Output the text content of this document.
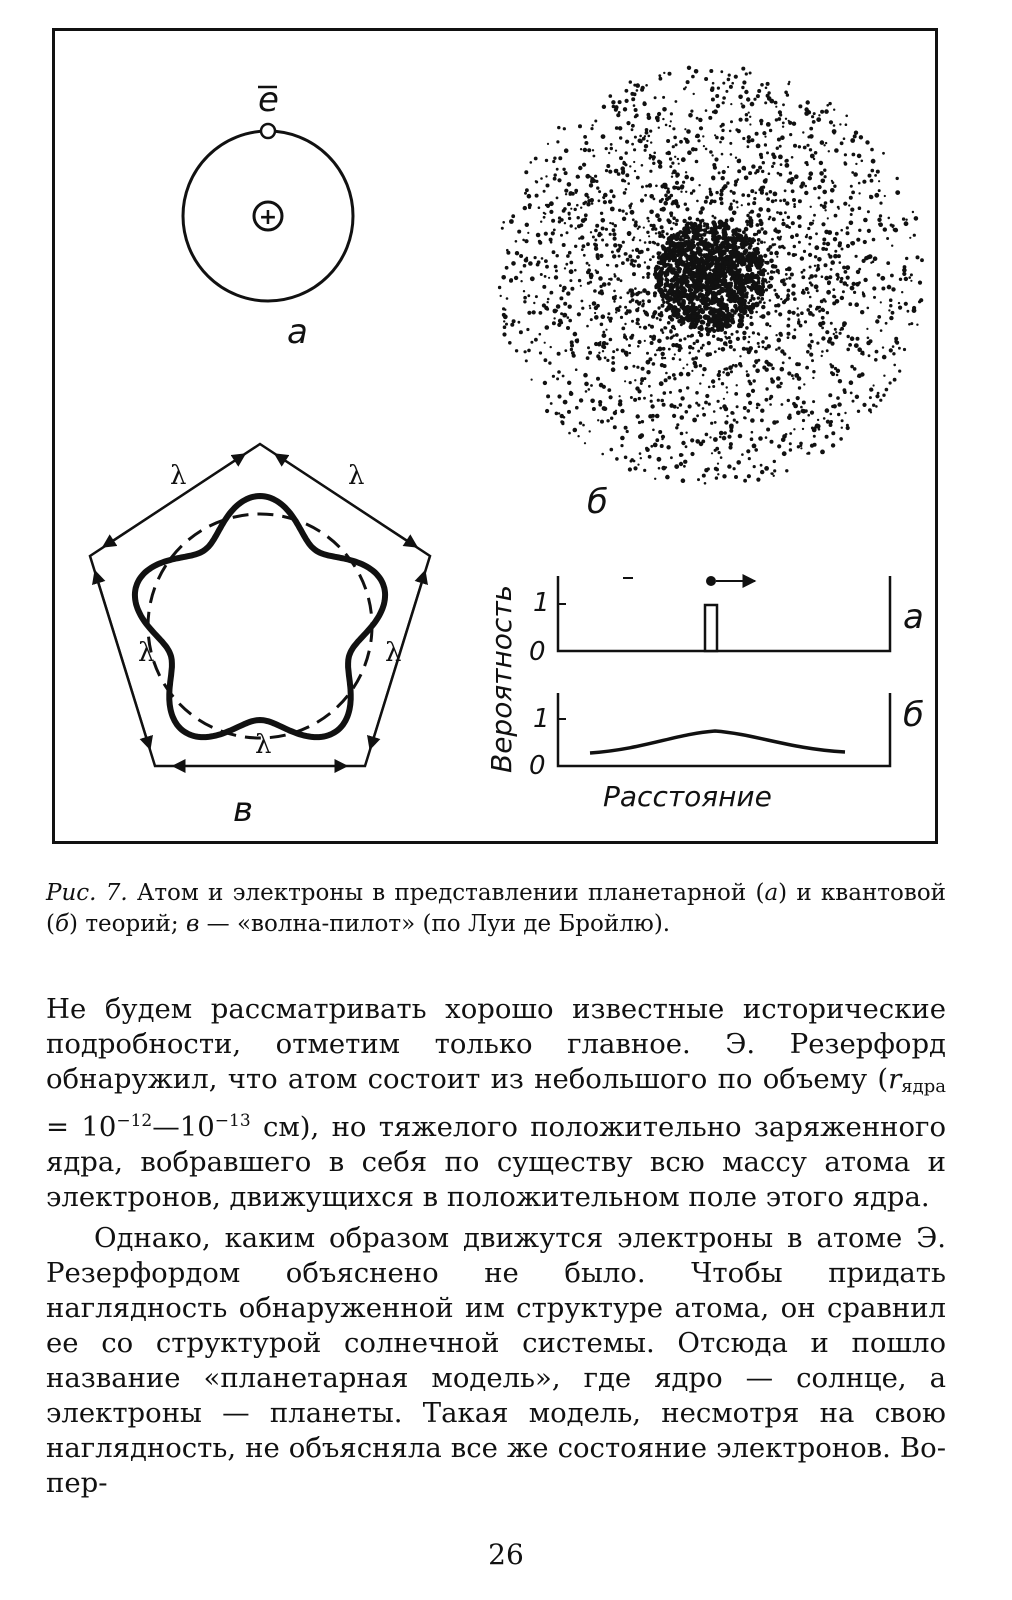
+
e
а
б
λ	λ
λ
λ
λ
в
Вероятность 1
0
1
0
а
б
Расстояние
Рис. 7. Атом и электроны в представлении планетарной (а) и квантовой (б) теорий; в — «волна-пилот» (по Луи де Бройлю).

Не будем рассматривать хорошо известные исторические подробности, отметим только главное. Э. Резерфорд обнаружил, что атом состоит из небольшого по объему ($r_{ядра}$ = $10^{-12}—10^{-13}$ см), но тяжелого положительно заряженного ядра, вобравшего в себя по существу всю массу атома и электронов, движущихся в положительном поле этого ядра.

Однако, каким образом движутся электроны в атоме Э. Резерфордом объяснено не было. Чтобы придать наглядность обнаруженной им структуре атома, он сравнил ее со структурой солнечной системы. Отсюда и пошло название «планетарная модель», где ядро — солнце, а электроны — планеты. Такая модель, несмотря на свою наглядность, не объясняла все же состояние электронов. Во-пер-

26
